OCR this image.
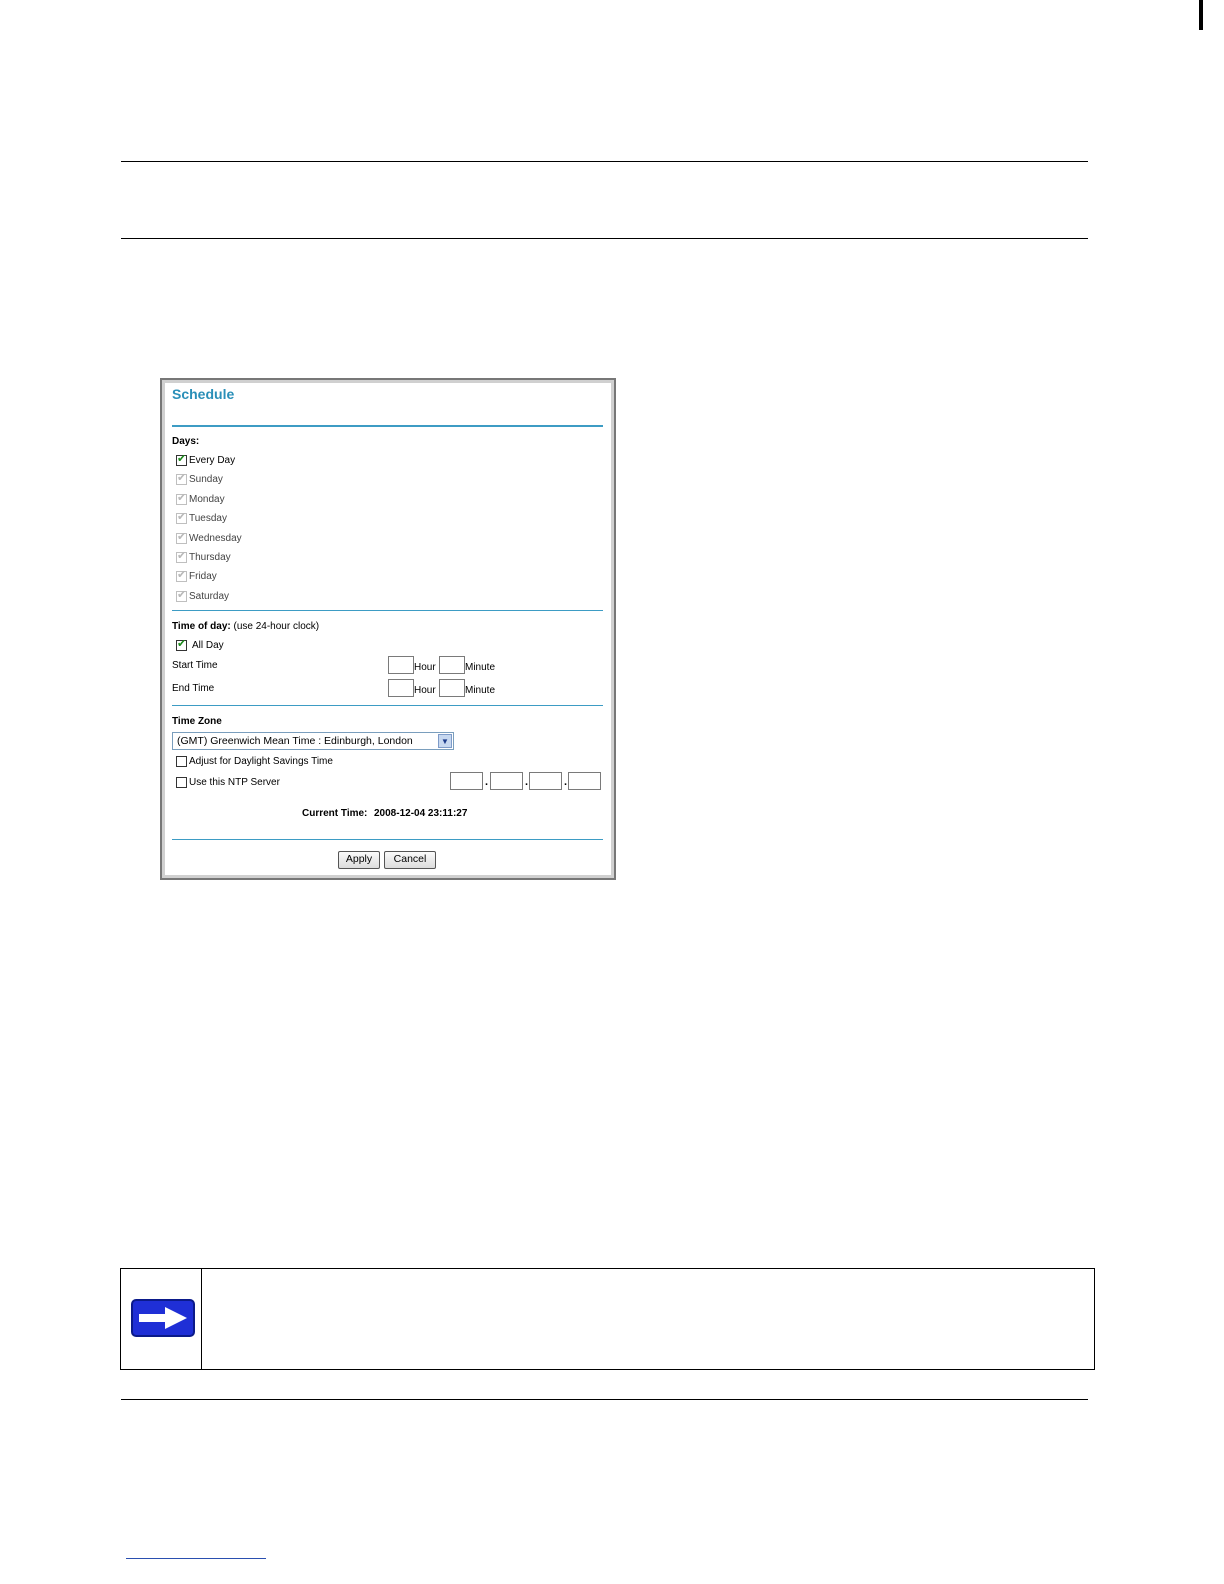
Schedule
Days:
✔ Every Day
✔ Sunday
✔ Monday
✔ Tuesday
✔ Wednesday
✔ Thursday
✔ Friday
✔ Saturday
Time of day: (use 24-hour clock)
✔ All Day
Start Time	Hour	Minute
End Time	Hour	Minute
Time Zone
(GMT) Greenwich Mean Time : Edinburgh, London	▼
Adjust for Daylight Savings Time
Use this NTP Server	.	.	.
Current Time: 2008-12-04 23:11:27
Apply	Cancel
